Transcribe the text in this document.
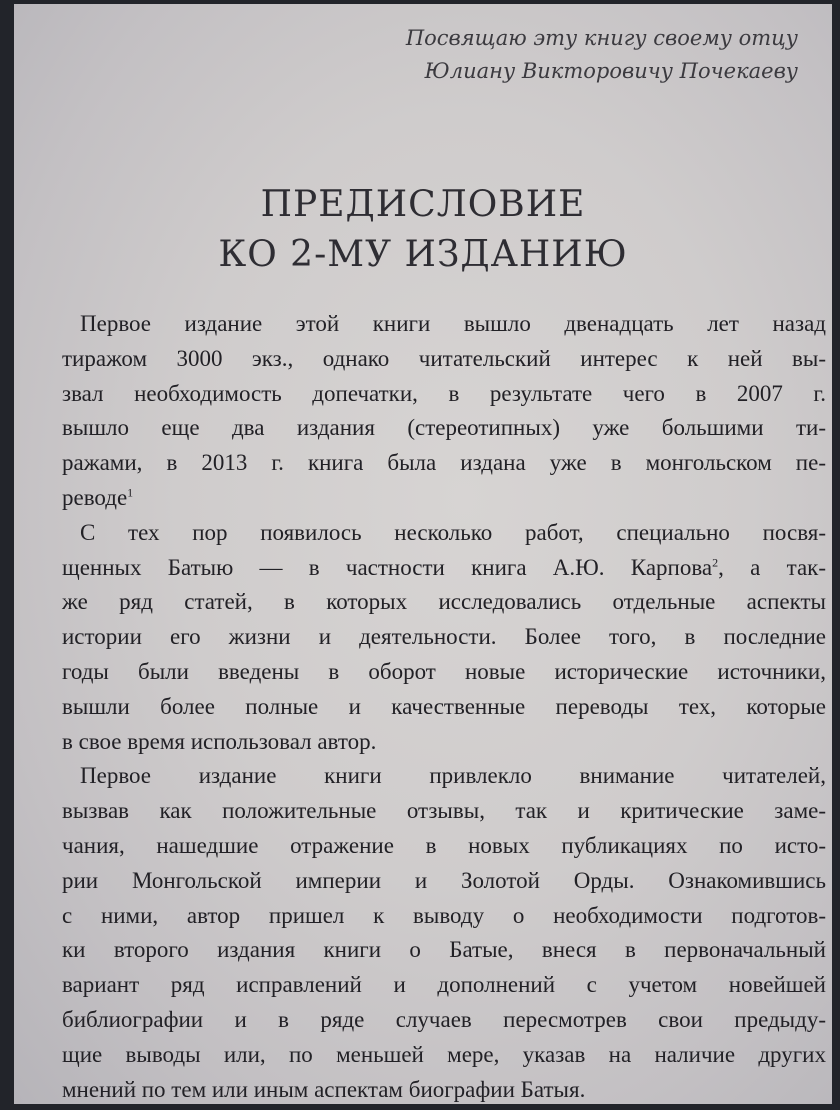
Посвящаю эту книгу своему отцу
Юлиану Викторовичу Почекаеву
ПРЕДИСЛОВИЕ
КО 2-МУ ИЗДАНИЮ
Первое издание этой книги вышло двенадцать лет назад
тиражом 3000 экз., однако читательский интерес к ней вы-
звал необходимость допечатки, в результате чего в 2007 г.
вышло еще два издания (стереотипных) уже большими ти-
ражами, в 2013 г. книга была издана уже в монгольском пе-
реводе$^1$
С тех пор появилось несколько работ, специально посвя-
щенных Батыю — в частности книга А.Ю. Карпова$^2$, а так-
же ряд статей, в которых исследовались отдельные аспекты
истории его жизни и деятельности. Более того, в последние
годы были введены в оборот новые исторические источники,
вышли более полные и качественные переводы тех, которые
в свое время использовал автор.
Первое издание книги привлекло внимание читателей,
вызвав как положительные отзывы, так и критические заме-
чания, нашедшие отражение в новых публикациях по исто-
рии Монгольской империи и Золотой Орды. Ознакомившись
с ними, автор пришел к выводу о необходимости подготов-
ки второго издания книги о Батые, внеся в первоначальный
вариант ряд исправлений и дополнений с учетом новейшей
библиографии и в ряде случаев пересмотрев свои предыду-
щие выводы или, по меньшей мере, указав на наличие других
мнений по тем или иным аспектам биографии Батыя.
